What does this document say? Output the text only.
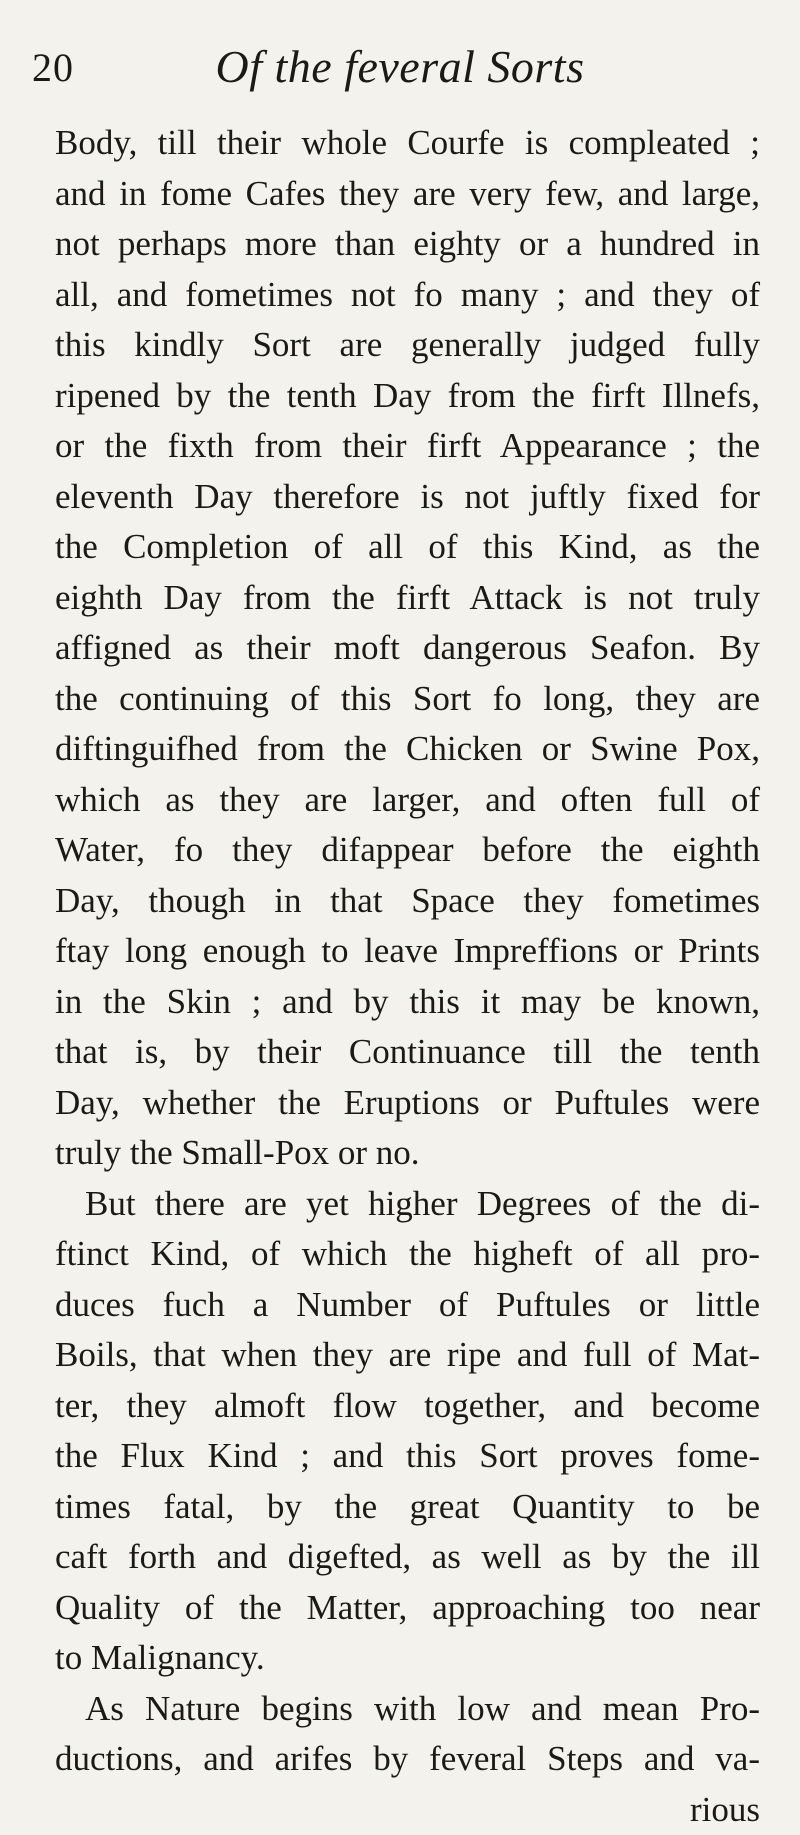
20	Of the feveral Sorts
Body, till their whole Courfe is compleated ;
and in fome Cafes they are very few, and large,
not perhaps more than eighty or a hundred in
all, and fometimes not fo many ; and they of
this kindly Sort are generally judged fully
ripened by the tenth Day from the firft Illnefs,
or the fixth from their firft Appearance ; the
eleventh Day therefore is not juftly fixed for
the Completion of all of this Kind, as the
eighth Day from the firft Attack is not truly
affigned as their moft dangerous Seafon. By
the continuing of this Sort fo long, they are
diftinguifhed from the Chicken or Swine Pox,
which as they are larger, and often full of
Water, fo they difappear before the eighth
Day, though in that Space they fometimes
ftay long enough to leave Impreffions or Prints
in the Skin ; and by this it may be known,
that is, by their Continuance till the tenth
Day, whether the Eruptions or Puftules were
truly the Small-Pox or no.
But there are yet higher Degrees of the di-
ftinct Kind, of which the higheft of all pro-
duces fuch a Number of Puftules or little
Boils, that when they are ripe and full of Mat-
ter, they almoft flow together, and become
the Flux Kind ; and this Sort proves fome-
times fatal, by the great Quantity to be
caft forth and digefted, as well as by the ill
Quality of the Matter, approaching too near
to Malignancy.
As Nature begins with low and mean Pro-
ductions, and arifes by feveral Steps and va-
rious
